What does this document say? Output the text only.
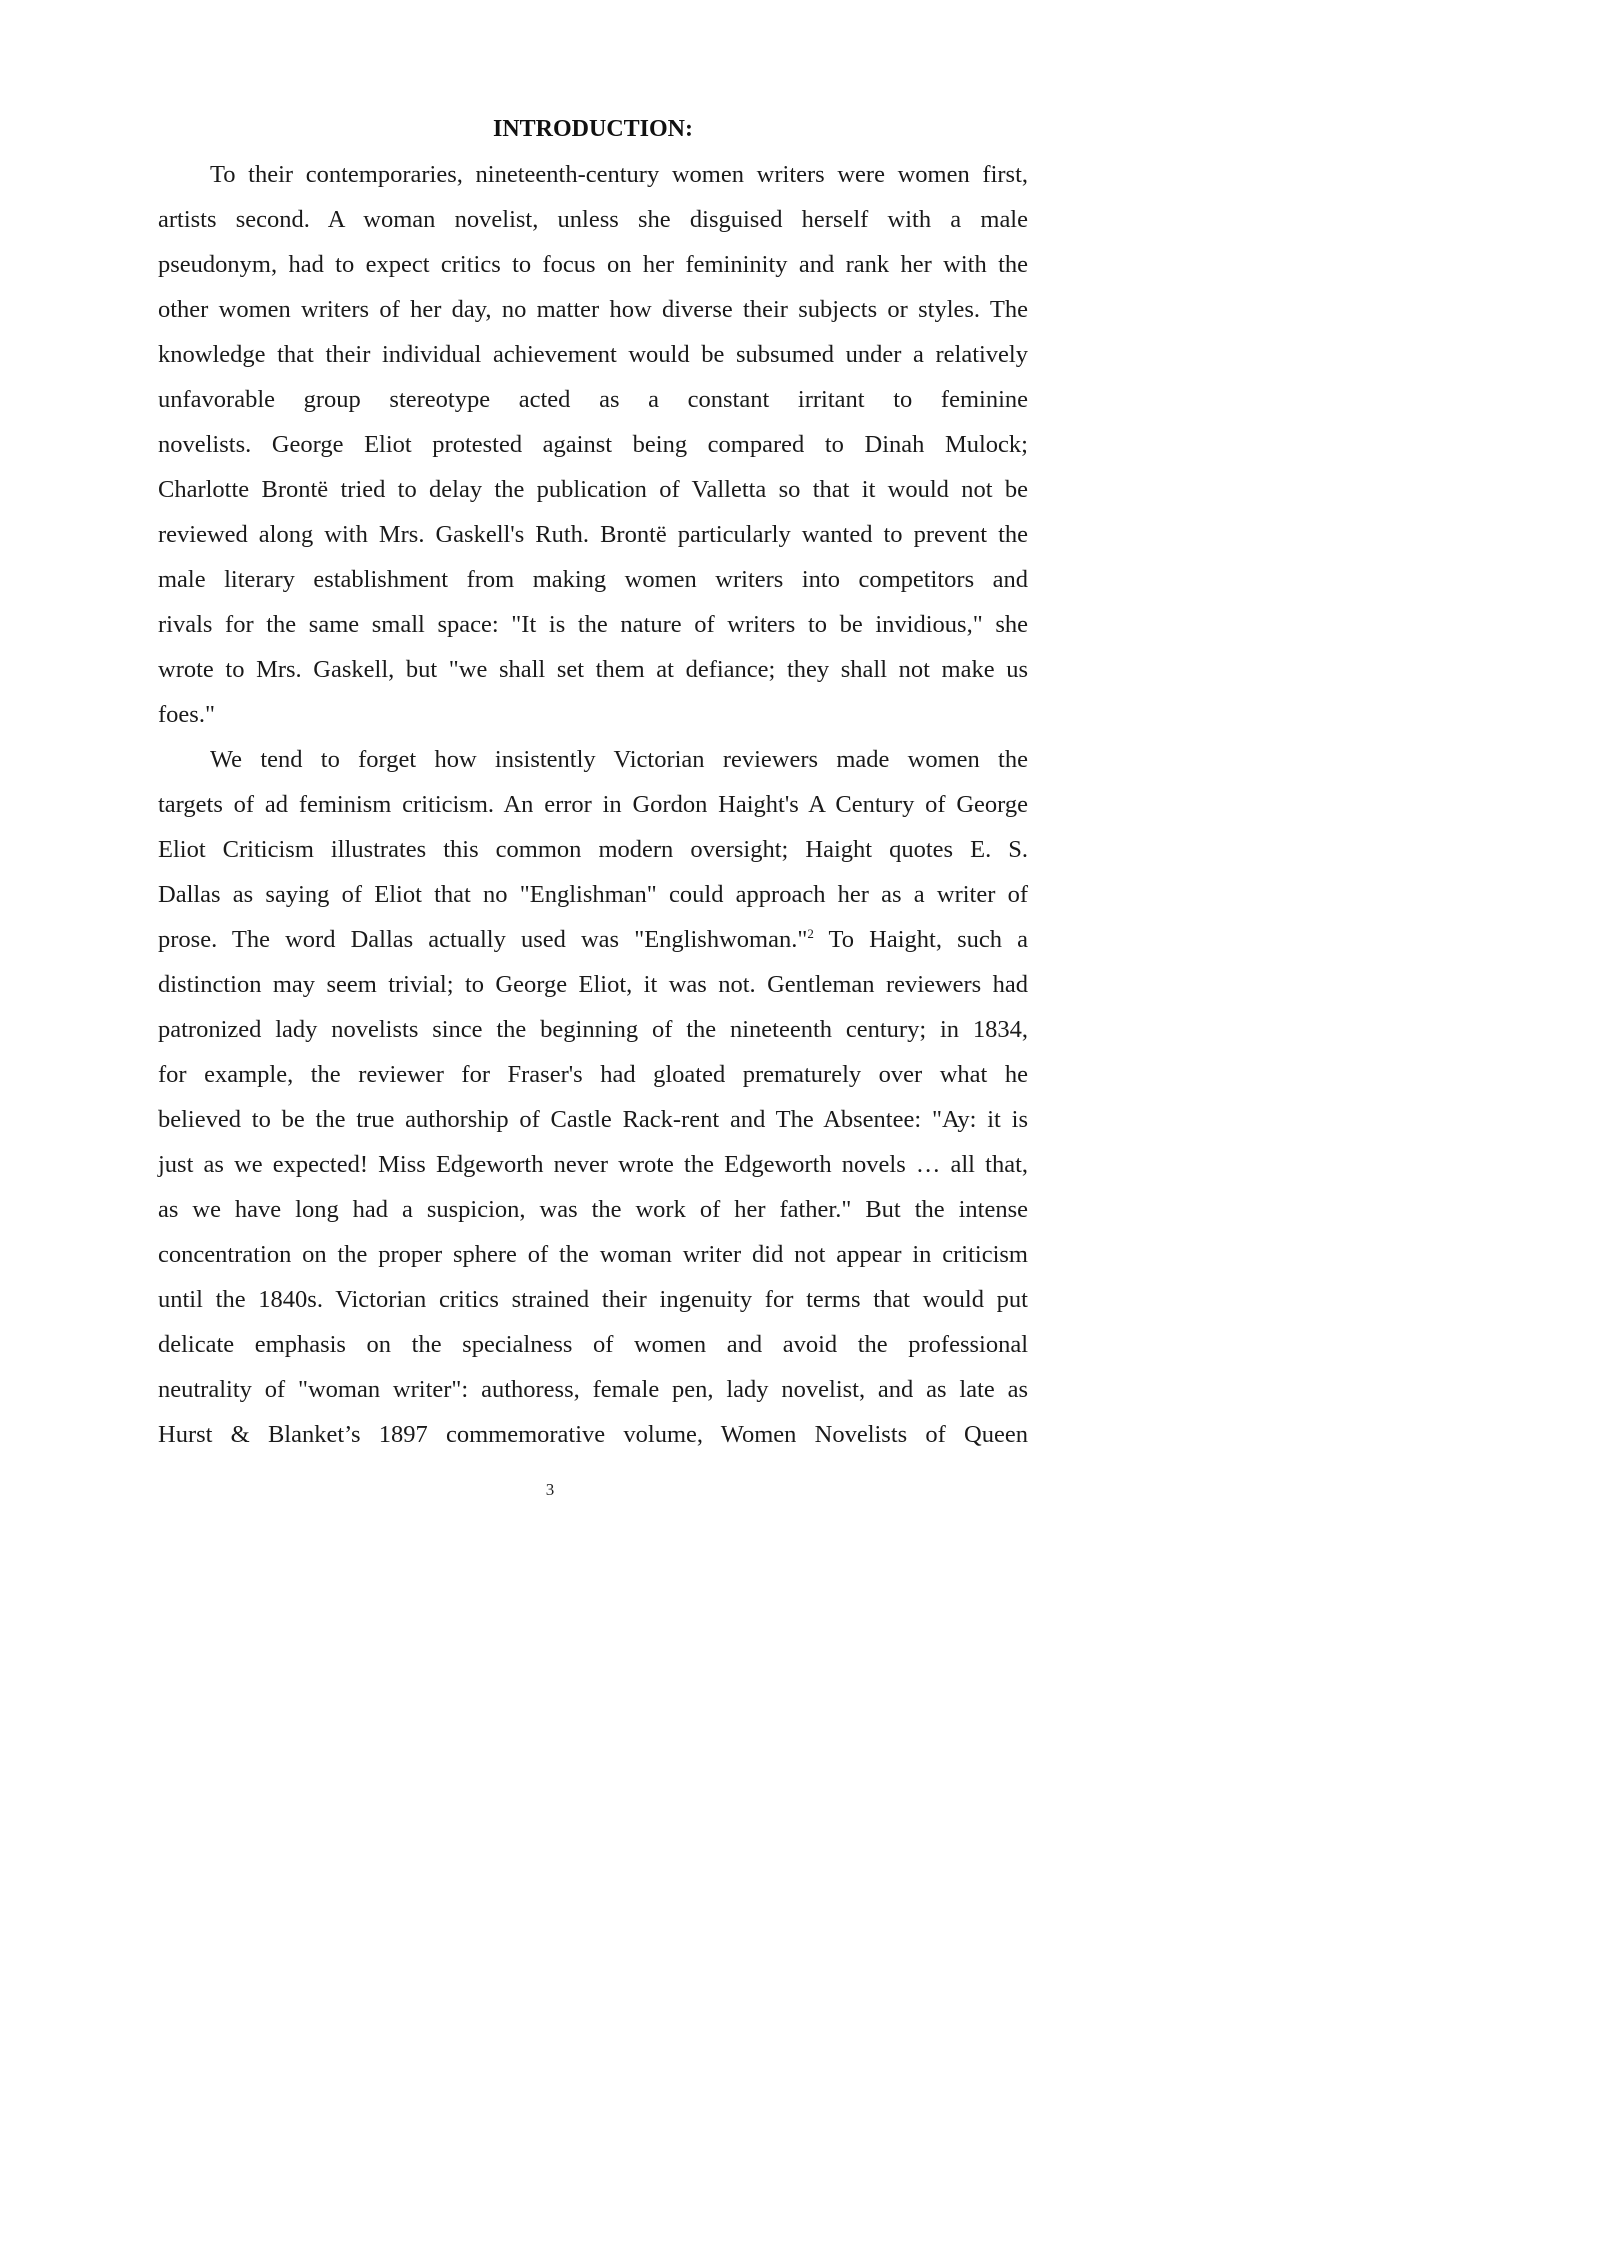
INTRODUCTION:

To their contemporaries, nineteenth-century women writers were women first,

artists second. A woman novelist, unless she disguised herself with a male

pseudonym, had to expect critics to focus on her femininity and rank her with the

other women writers of her day, no matter how diverse their subjects or styles. The

knowledge that their individual achievement would be subsumed under a relatively

unfavorable group stereotype acted as a constant irritant to feminine

novelists. George Eliot protested against being compared to Dinah Mulock;

Charlotte Brontë tried to delay the publication of Valletta so that it would not be

reviewed along with Mrs. Gaskell's Ruth. Brontë particularly wanted to prevent the

male literary establishment from making women writers into competitors and

rivals for the same small space: "It is the nature of writers to be invidious," she

wrote to Mrs. Gaskell, but "we shall set them at defiance; they shall not make us

foes."

We tend to forget how insistently Victorian reviewers made women the

targets of ad feminism criticism. An error in Gordon Haight's A Century of George

Eliot Criticism illustrates this common modern oversight; Haight quotes E. S.

Dallas as saying of Eliot that no "Englishman" could approach her as a writer of

prose. The word Dallas actually used was "Englishwoman."$^2$ To Haight, such a

distinction may seem trivial; to George Eliot, it was not. Gentleman reviewers had

patronized lady novelists since the beginning of the nineteenth century; in 1834,

for example, the reviewer for Fraser's had gloated prematurely over what he

believed to be the true authorship of Castle Rack-rent and The Absentee: "Ay: it is

just as we expected! Miss Edgeworth never wrote the Edgeworth novels … all that,

as we have long had a suspicion, was the work of her father." But the intense

concentration on the proper sphere of the woman writer did not appear in criticism

until the 1840s. Victorian critics strained their ingenuity for terms that would put

delicate emphasis on the specialness of women and avoid the professional

neutrality of "woman writer": authoress, female pen, lady novelist, and as late as

Hurst & Blanket’s 1897 commemorative volume, Women Novelists of Queen

3
